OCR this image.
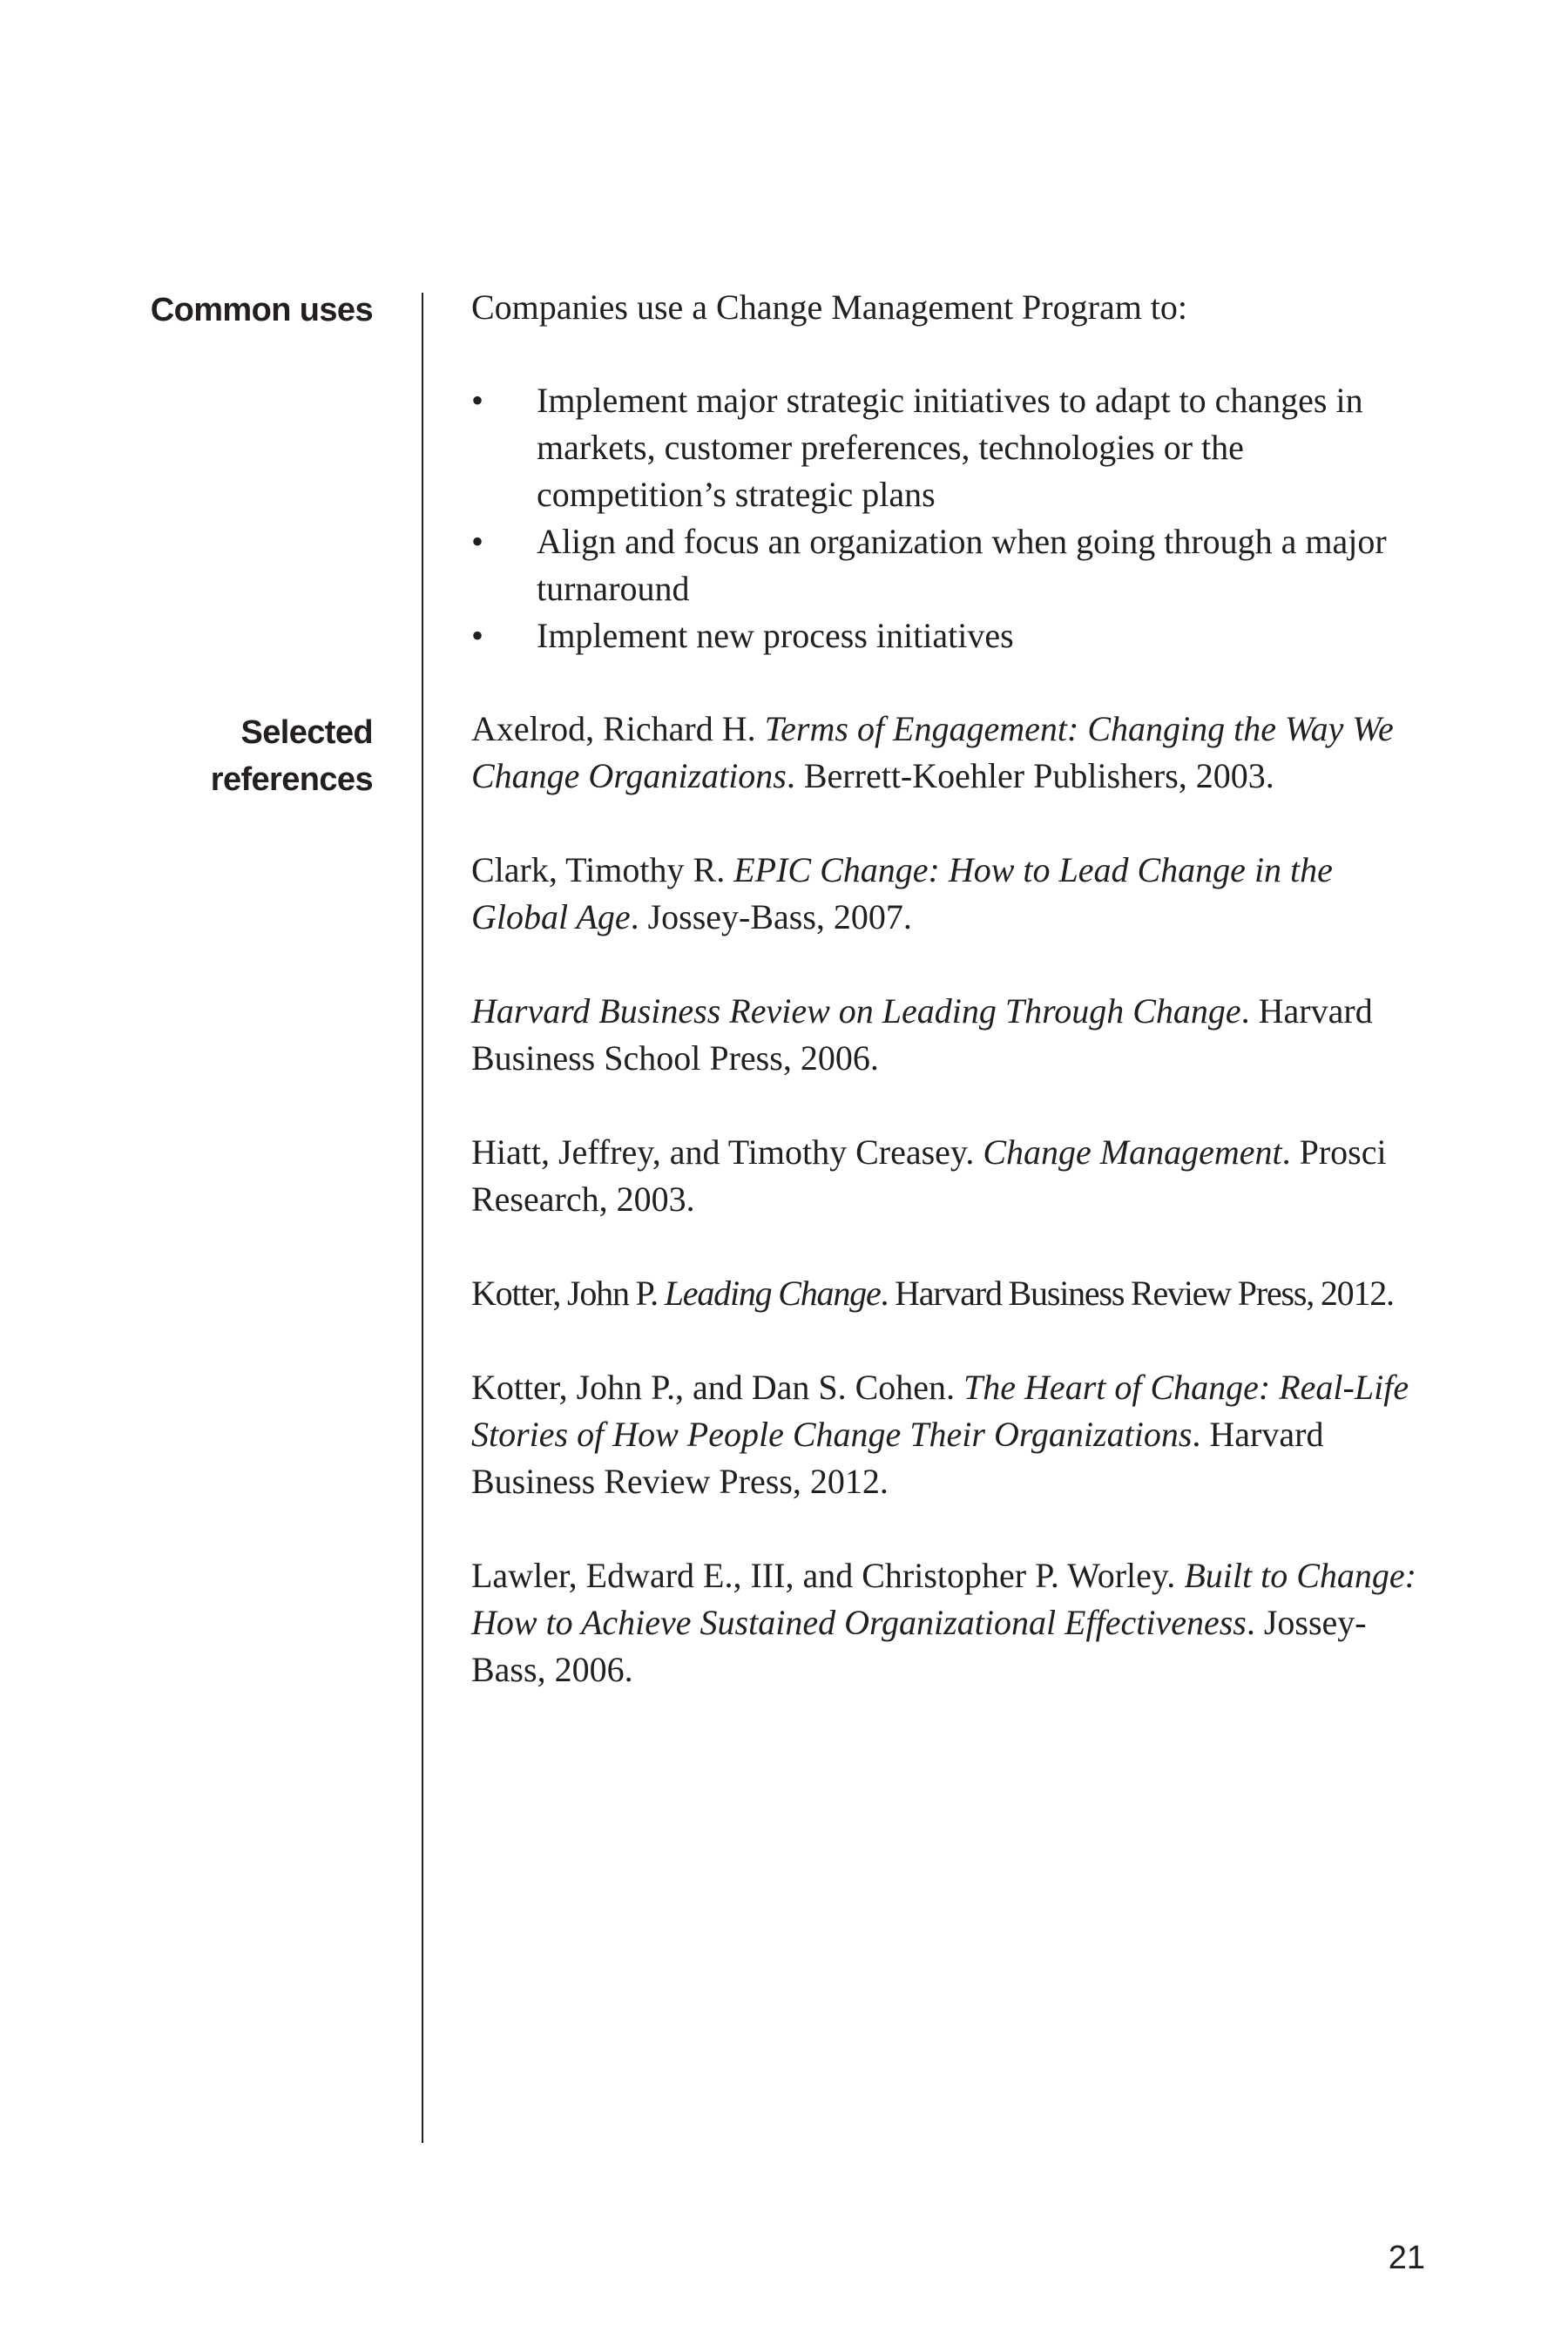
Common uses
Selected
references

Companies use a Change Management Program to:

• Implement major strategic initiatives to adapt to changes in markets, customer preferences, technologies or the competition’s strategic plans
• Align and focus an organization when going through a major turnaround
• Implement new process initiatives
Axelrod, Richard H. Terms of Engagement: Changing the Way We Change Organizations. Berrett-Koehler Publishers, 2003.
Clark, Timothy R. EPIC Change: How to Lead Change in the Global Age. Jossey-Bass, 2007.
Harvard Business Review on Leading Through Change. Harvard Business School Press, 2006.
Hiatt, Jeffrey, and Timothy Creasey. Change Management. Prosci Research, 2003.
Kotter, John P. Leading Change. Harvard Business Review Press, 2012.
Kotter, John P., and Dan S. Cohen. The Heart of Change: Real-Life Stories of How People Change Their Organizations. Harvard Business Review Press, 2012.
Lawler, Edward E., III, and Christopher P. Worley. Built to Change: How to Achieve Sustained Organizational Effectiveness. Jossey-Bass, 2006.

21
